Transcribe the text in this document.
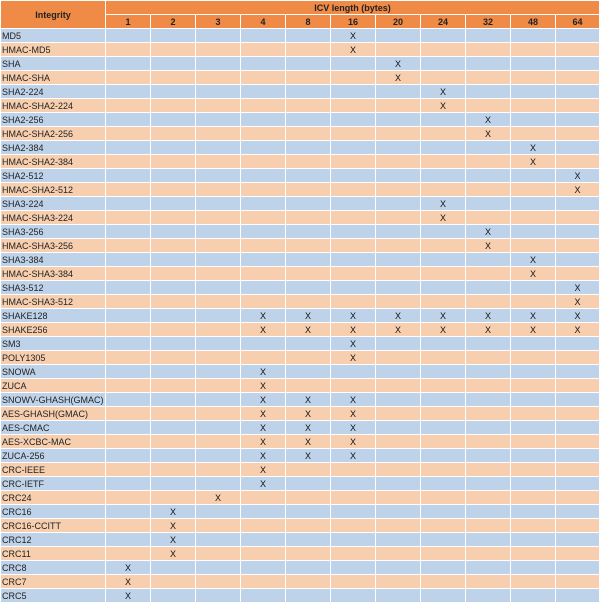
Integrity	ICV length (bytes)										
	1	2	3	4	8	16	20	24	32	48	64
MD5						X					
HMAC-MD5						X					
SHA							X				
HMAC-SHA							X				
SHA2-224								X			
HMAC-SHA2-224								X			
SHA2-256									X		
HMAC-SHA2-256									X		
SHA2-384										X	
HMAC-SHA2-384										X	
SHA2-512											X
HMAC-SHA2-512											X
SHA3-224								X			
HMAC-SHA3-224								X			
SHA3-256									X		
HMAC-SHA3-256									X		
SHA3-384										X	
HMAC-SHA3-384										X	
SHA3-512											X
HMAC-SHA3-512											X
SHAKE128				X	X	X	X	X	X	X	X
SHAKE256				X	X	X	X	X	X	X	X
SM3						X					
POLY1305						X					
SNOWA				X							
ZUCA				X							
SNOWV-GHASH(GMAC)				X	X	X					
AES-GHASH(GMAC)				X	X	X					
AES-CMAC				X	X	X					
AES-XCBC-MAC				X	X	X					
ZUCA-256				X	X	X					
CRC-IEEE				X							
CRC-IETF				X							
CRC24			X								
CRC16		X									
CRC16-CCITT		X									
CRC12		X									
CRC11		X									
CRC8	X										
CRC7	X										
CRC5	X										
